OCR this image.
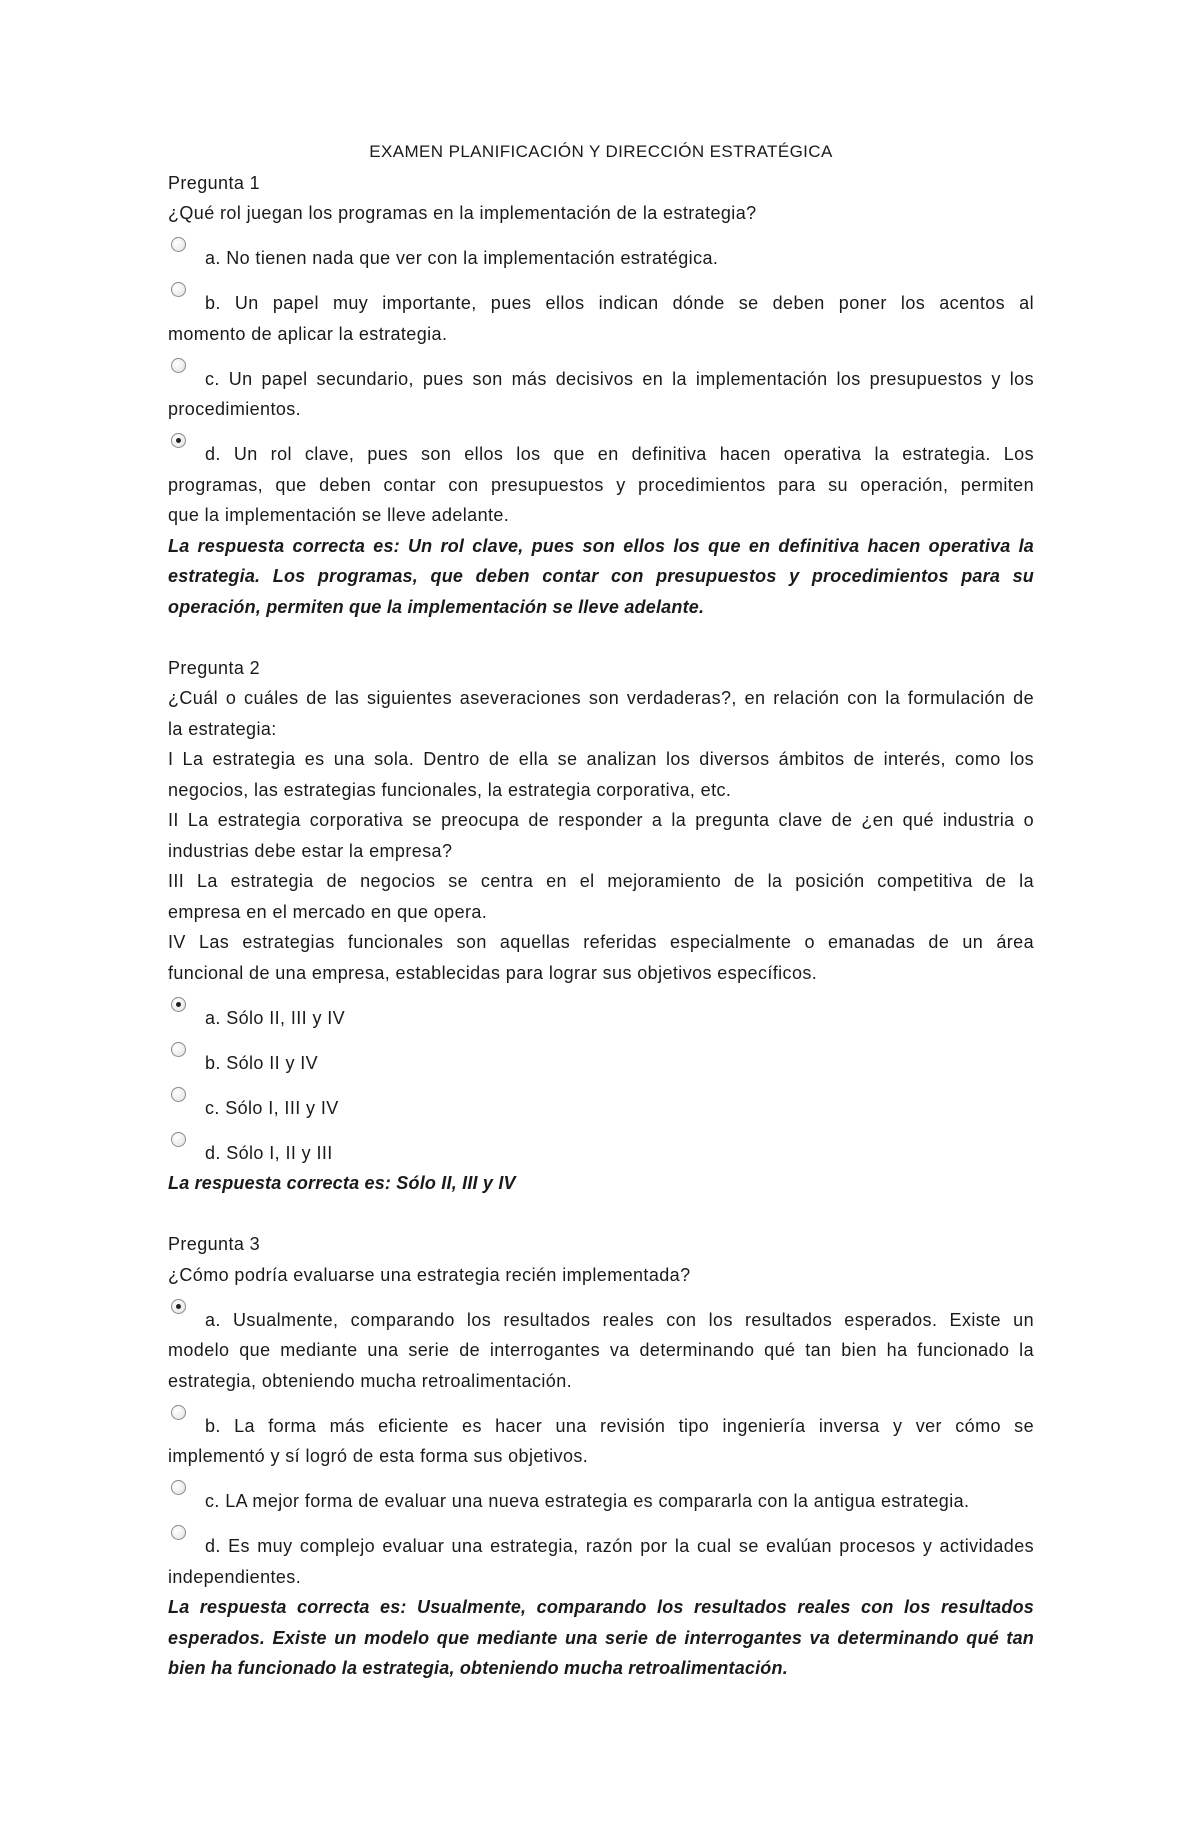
EXAMEN PLANIFICACIÓN Y DIRECCIÓN ESTRATÉGICA
Pregunta 1
¿Qué rol juegan los programas en la implementación de la estrategia?
a. No tienen nada que ver con la implementación estratégica.
b. Un papel muy importante, pues ellos indican dónde se deben poner los acentos al
momento de aplicar la estrategia.
c. Un papel secundario, pues son más decisivos en la implementación los presupuestos y los
procedimientos.
d. Un rol clave, pues son ellos los que en definitiva hacen operativa la estrategia. Los
programas, que deben contar con presupuestos y procedimientos para su operación, permiten
que la implementación se lleve adelante.
La respuesta correcta es: Un rol clave, pues son ellos los que en definitiva hacen operativa la
estrategia. Los programas, que deben contar con presupuestos y procedimientos para su
operación, permiten que la implementación se lleve adelante.
Pregunta 2
¿Cuál o cuáles de las siguientes aseveraciones son verdaderas?, en relación con la formulación de
la estrategia:
I La estrategia es una sola. Dentro de ella se analizan los diversos ámbitos de interés, como los
negocios, las estrategias funcionales, la estrategia corporativa, etc.
II La estrategia corporativa se preocupa de responder a la pregunta clave de ¿en qué industria o
industrias debe estar la empresa?
III La estrategia de negocios se centra en el mejoramiento de la posición competitiva de la
empresa en el mercado en que opera.
IV Las estrategias funcionales son aquellas referidas especialmente o emanadas de un área
funcional de una empresa, establecidas para lograr sus objetivos específicos.
a. Sólo II, III y IV
b. Sólo II y IV
c. Sólo I, III y IV
d. Sólo I, II y III
La respuesta correcta es: Sólo II, III y IV
Pregunta 3
¿Cómo podría evaluarse una estrategia recién implementada?
a. Usualmente, comparando los resultados reales con los resultados esperados. Existe un
modelo que mediante una serie de interrogantes va determinando qué tan bien ha funcionado la
estrategia, obteniendo mucha retroalimentación.
b. La forma más eficiente es hacer una revisión tipo ingeniería inversa y ver cómo se
implementó y sí logró de esta forma sus objetivos.
c. LA mejor forma de evaluar una nueva estrategia es compararla con la antigua estrategia.
d. Es muy complejo evaluar una estrategia, razón por la cual se evalúan procesos y actividades
independientes.
La respuesta correcta es: Usualmente, comparando los resultados reales con los resultados
esperados. Existe un modelo que mediante una serie de interrogantes va determinando qué tan
bien ha funcionado la estrategia, obteniendo mucha retroalimentación.
